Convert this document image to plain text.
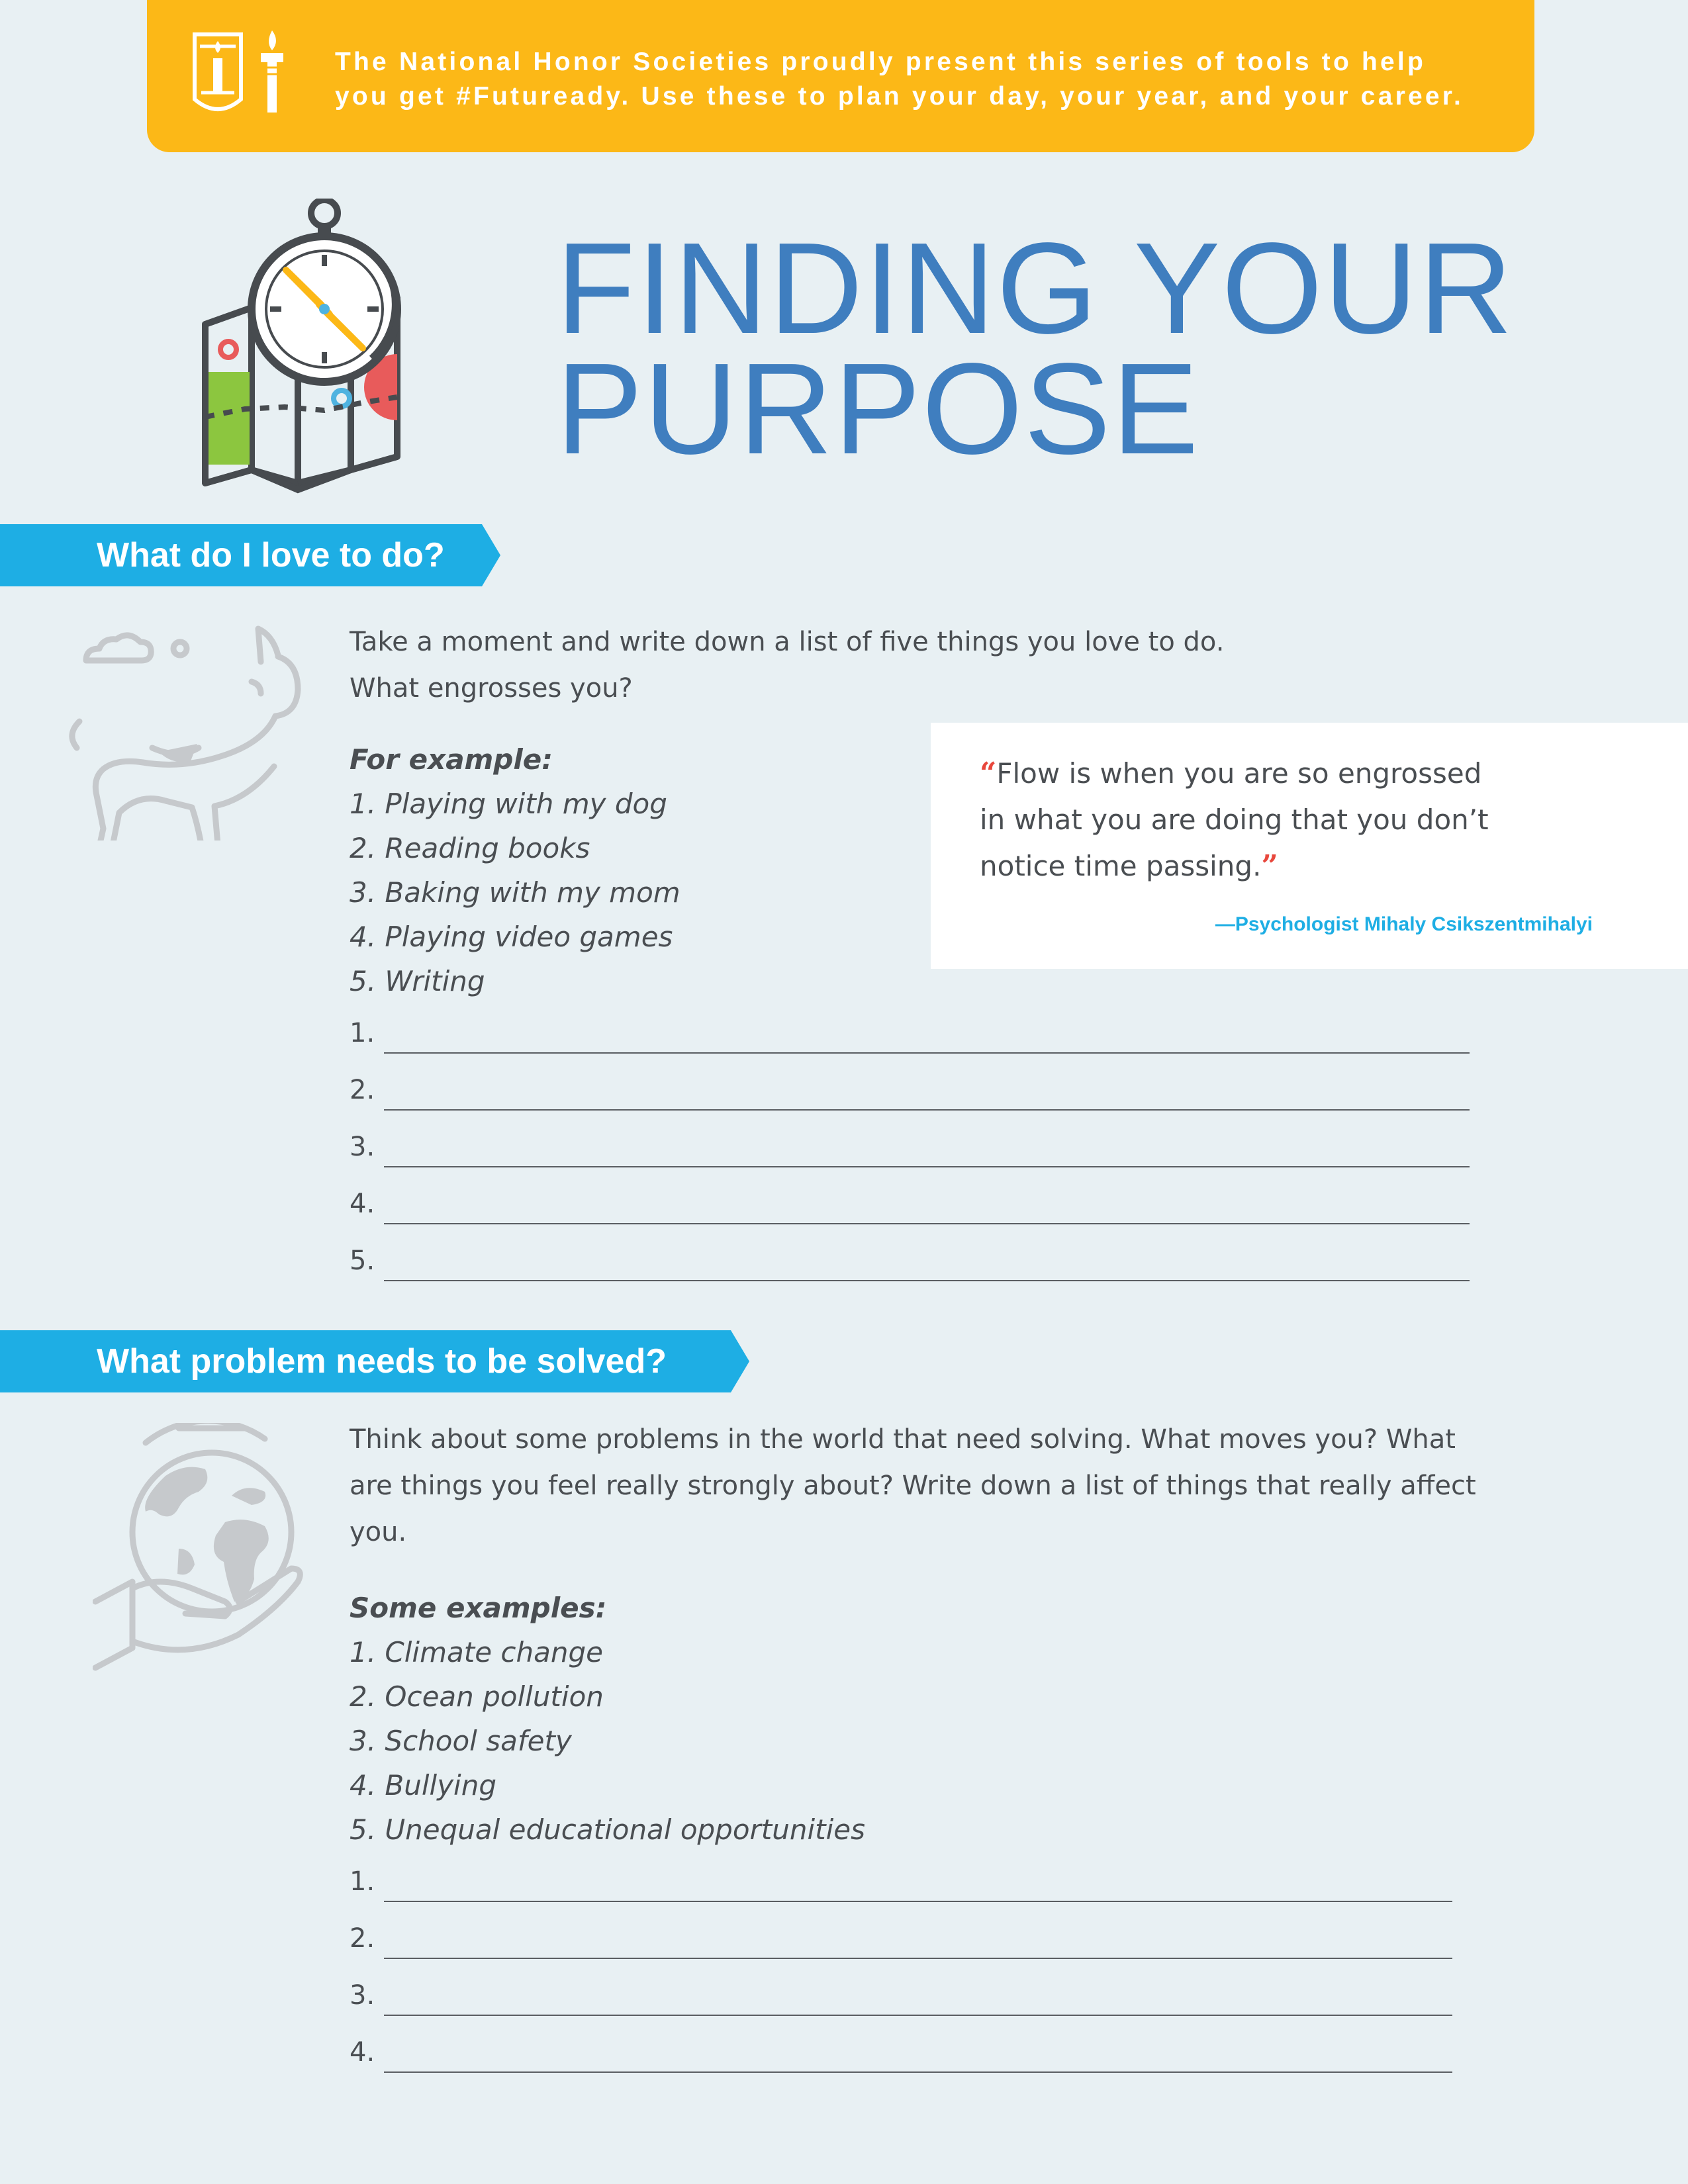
The National Honor Societies proudly present this series of tools to help
you get #Futuready. Use these to plan your day, your year, and your career.
FINDING YOUR
PURPOSE
What do I love to do?
Take a moment and write down a list of five things you love to do.
What engrosses you?
For example:
1. Playing with my dog
2. Reading books
3. Baking with my mom
4. Playing video games
5. Writing
“Flow is when you are so engrossed
in what you are doing that you don’t
notice time passing.”
—Psychologist Mihaly Csikszentmihalyi
1.
2.
3.
4.
5.
What problem needs to be solved?
Think about some problems in the world that need solving. What moves you? What
are things you feel really strongly about? Write down a list of things that really affect
you.
Some examples:
1. Climate change
2. Ocean pollution
3. School safety
4. Bullying
5. Unequal educational opportunities
1.
2.
3.
4.
